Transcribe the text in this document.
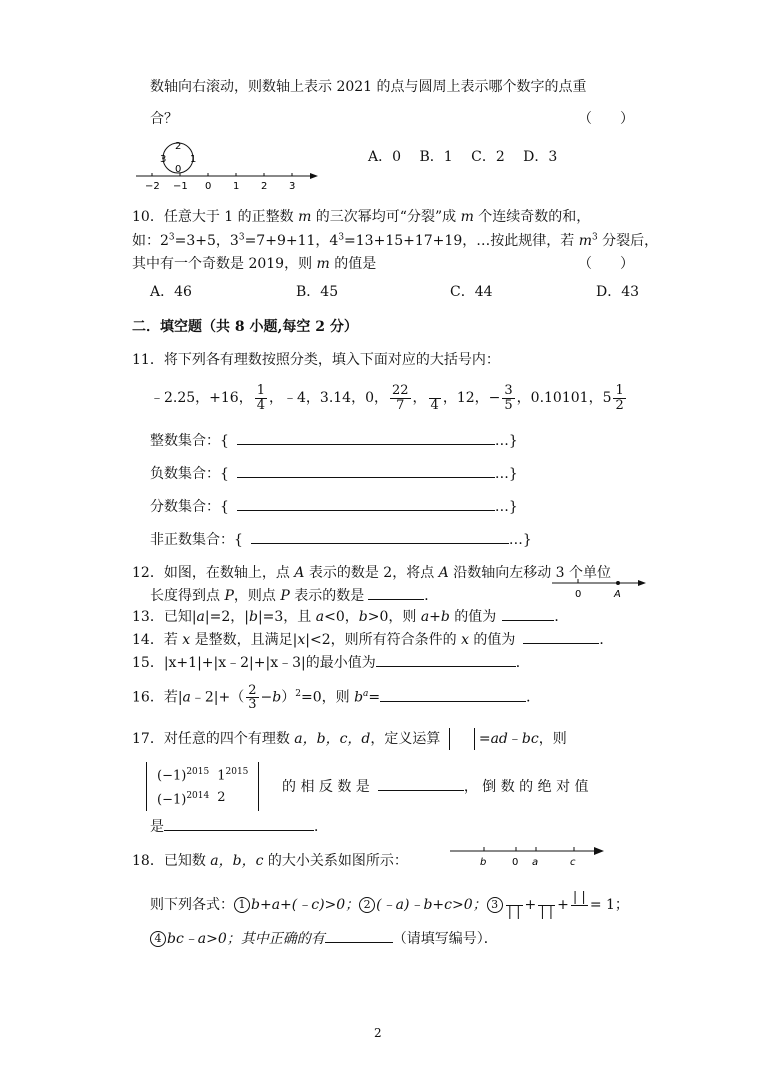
数轴向右滚动，则数轴上表示 2021 的点与圆周上表示哪个数字的点重
合？	（　　）
2
3 1
0
−2 −1 0 1 2 3
A．0　 B．1　 C．2　 D．3
10．任意大于 1 的正整数 m 的三次幂均可“分裂”成 m 个连续奇数的和，
如：$2^3=3+5$，$3^3=7+9+11$，$4^3=13+15+17+19$，…按此规律，若 $m^3$ 分裂后，
其中有一个奇数是 2019，则 m 的值是	（　　）
A．46	B．45	C．44	D．43
二．填空题（共 8 小题,每空 2 分）
11．将下列各有理数按照分类，填入下面对应的大括号内：
﹣2.25，+16， $\frac{1}{4}$ ，﹣4，3.14，0， $\frac{22}{7}$ ，
4 ，12，− $\frac{3}{5}$ ，0.10101，$5 \frac{1}{2}$
整数集合：{	…}
负数集合：{	…}
分数集合：{	…}
非正数集合：{	…}
12．如图，在数轴上，点 A 表示的数是 2，将点 A 沿数轴向左移动 3 个单位
长度得到点 P，则点 P 表示的数是	．	0	A
13．已知|a|=2，|b|=3，且 a<0，b>0，则 a+b 的值为	．
14．若 x 是整数，且满足|x|<2，则所有符合条件的 x 的值为	．
15．|x+1|+|x﹣2|+|x﹣3|的最小值为	．
16．若|a﹣2|+（ $\frac{2}{3} -b)^2=0$，则 $b^a=$	．
17．对任意的四个有理数 a，b，c，d，定义运算	=ad﹣bc，则
$(-1)^{2015}$	$1^{2015}$
$(-1)^{2014}$	2
的 相 反 数 是	， 倒 数 的 绝 对 值
是	．
18．已知数 a，b，c 的大小关系如图所示：	b	0 a	c
则下列各式： 1 b+a+(﹣c)>0； 2 (﹣a)﹣b+c>0； 3
| | +
| | + | |
= 1；
4 bc﹣a>0；其中正确的有	（请填写编号）．
2
